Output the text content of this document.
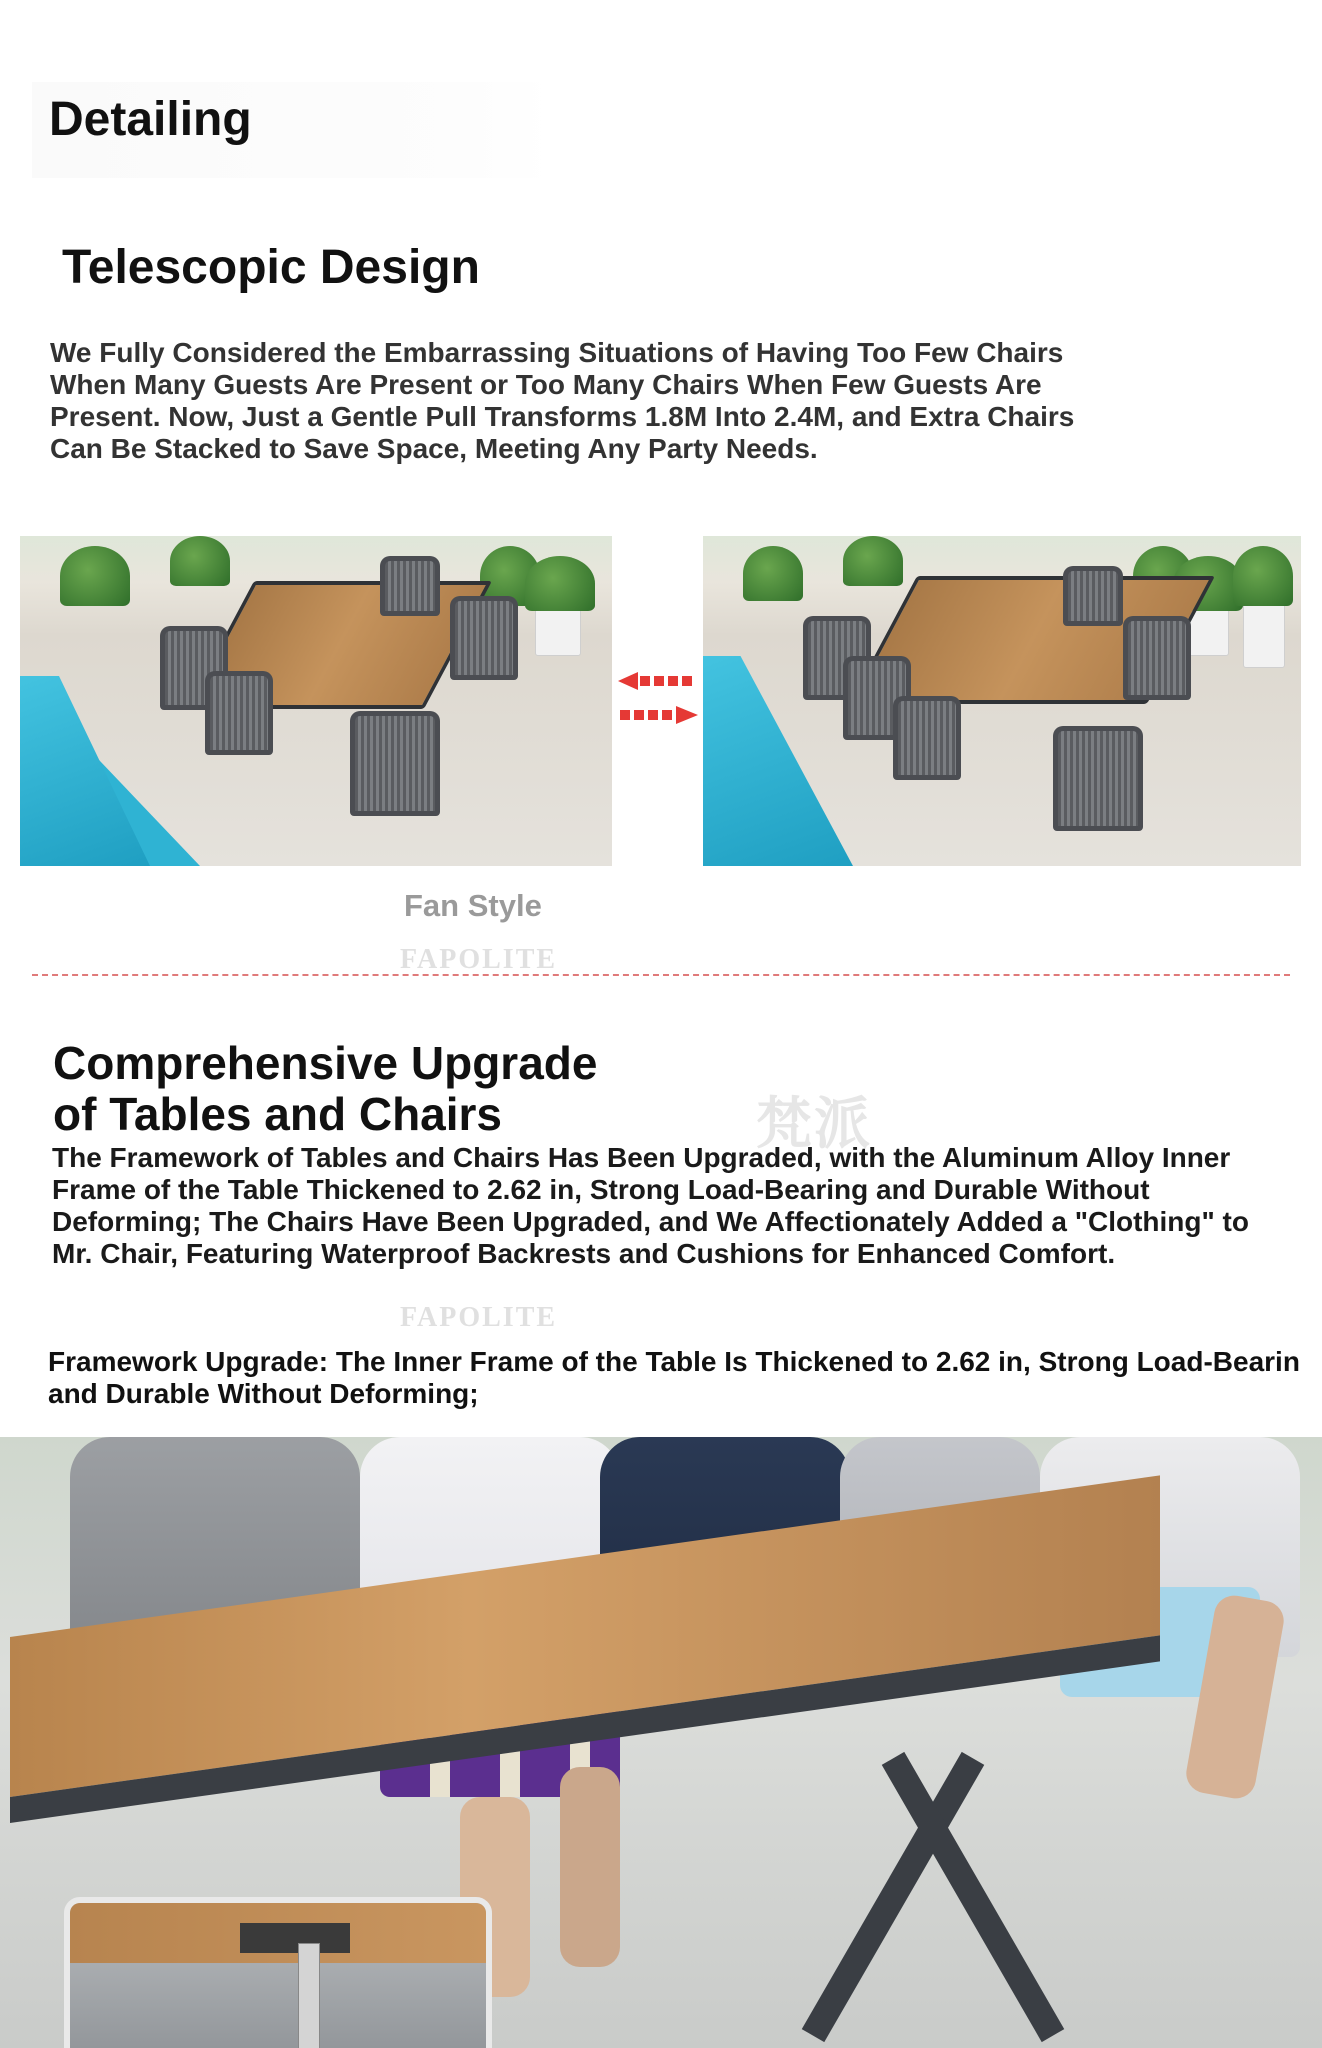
Detailing
Telescopic Design
We Fully Considered the Embarrassing Situations of Having Too Few Chairs When Many Guests Are Present or Too Many Chairs When Few Guests Are Present. Now, Just a Gentle Pull Transforms 1.8M Into 2.4M, and Extra Chairs Can Be Stacked to Save Space, Meeting Any Party Needs.
Fan Style
FAPOLITE
梵派
Comprehensive Upgrade
of Tables and Chairs
The Framework of Tables and Chairs Has Been Upgraded, with the Aluminum Alloy Inner Frame of the Table Thickened to 2.62 in, Strong Load-Bearing and Durable Without Deforming; The Chairs Have Been Upgraded, and We Affectionately Added a "Clothing" to Mr. Chair, Featuring Waterproof Backrests and Cushions for Enhanced Comfort.
FAPOLITE
Framework Upgrade: The Inner Frame of the Table Is Thickened to 2.62 in, Strong Load-Bearin
and Durable Without Deforming;
